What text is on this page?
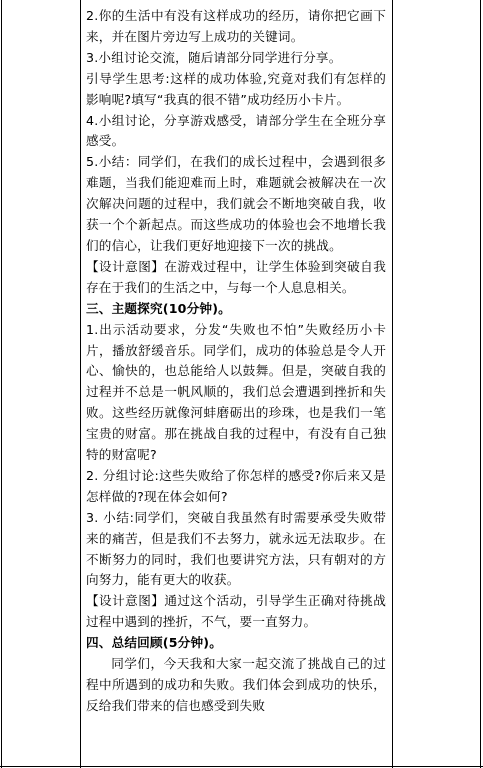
2.你的生活中有没有这样成功的经历，请你把它画下来，并在图片旁边写上成功的关键词。

3.小组讨论交流，随后请部分同学进行分享。

引导学生思考:这样的成功体验,究竟对我们有怎样的影响呢?填写“我真的很不错”成功经历小卡片。

4.小组讨论，分享游戏感受，请部分学生在全班分享感受。

5.小结：同学们，在我们的成长过程中，会遇到很多难题，当我们能迎难而上时，难题就会被解决在一次次解决问题的过程中，我们就会不断地突破自我，收获一个个新起点。而这些成功的体验也会不地增长我们的信心，让我们更好地迎接下一次的挑战。

【设计意图】在游戏过程中，让学生体验到突破自我存在于我们的生活之中，与每一个人息息相关。

三、主题探究(10分钟)。

1.出示活动要求，分发“失败也不怕”失败经历小卡片，播放舒缓音乐。同学们，成功的体验总是令人开心、愉快的，也总能给人以鼓舞。但是，突破自我的过程并不总是一帆风顺的，我们总会遭遇到挫折和失败。这些经历就像河蚌磨砺出的珍珠，也是我们一笔宝贵的财富。那在挑战自我的过程中，有没有自己独特的财富呢?

2. 分组讨论:这些失败给了你怎样的感受?你后来又是怎样做的?现在体会如何?

3. 小结:同学们，突破自我虽然有时需要承受失败带来的痛苦，但是我们不去努力，就永远无法取步。在不断努力的同时，我们也要讲究方法，只有朝对的方向努力，能有更大的收获。

【设计意图】通过这个活动，引导学生正确对待挑战过程中遇到的挫折，不气，要一直努力。

四、总结回顾(5分钟)。

同学们，今天我和大家一起交流了挑战自己的过程中所遇到的成功和失败。我们体会到成功的快乐，反给我们带来的信也感受到失败
